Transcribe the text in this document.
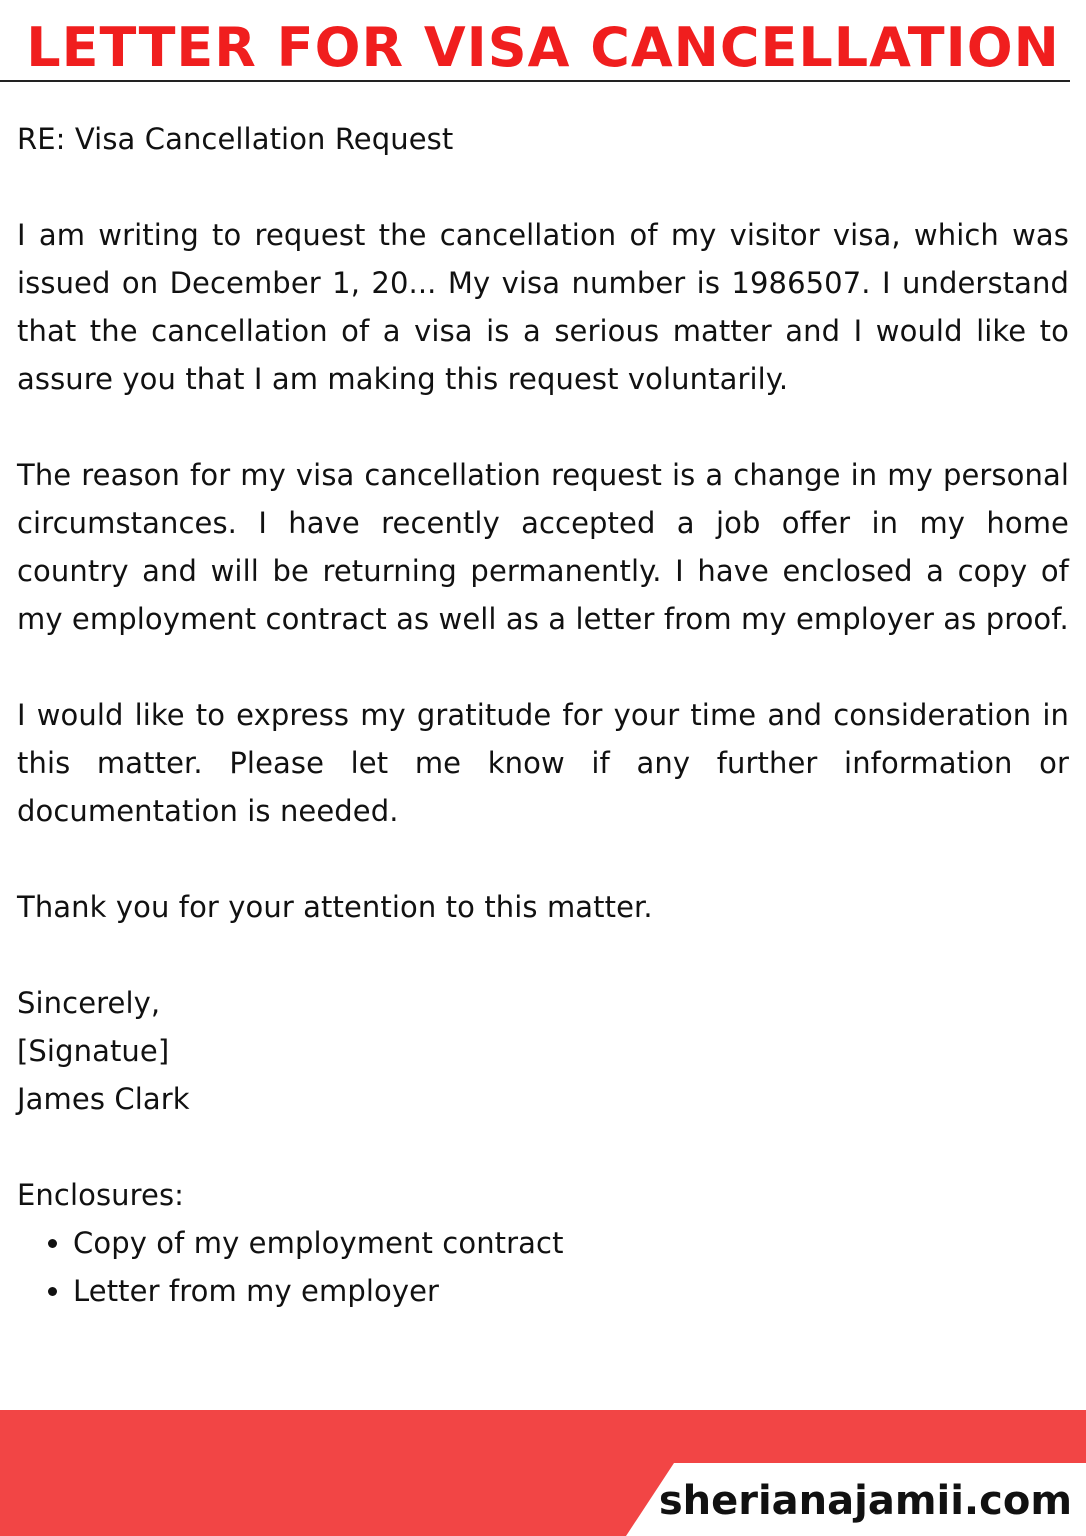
LETTER FOR VISA CANCELLATION
RE: Visa Cancellation Request

I am writing to request the cancellation of my visitor visa, which was issued on December 1, 20... My visa number is 1986507. I understand that the cancellation of a visa is a serious matter and I would like to assure you that I am making this request voluntarily.

The reason for my visa cancellation request is a change in my personal circumstances. I have recently accepted a job offer in my home country and will be returning permanently. I have enclosed a copy of my employment contract as well as a letter from my employer as proof.

I would like to express my gratitude for your time and consideration in this matter. Please let me know if any further information or documentation is needed.

Thank you for your attention to this matter.
Sincerely,
[Signatue]
James Clark
Enclosures:
• Copy of my employment contract
• Letter from my employer
sherianajamii.com
